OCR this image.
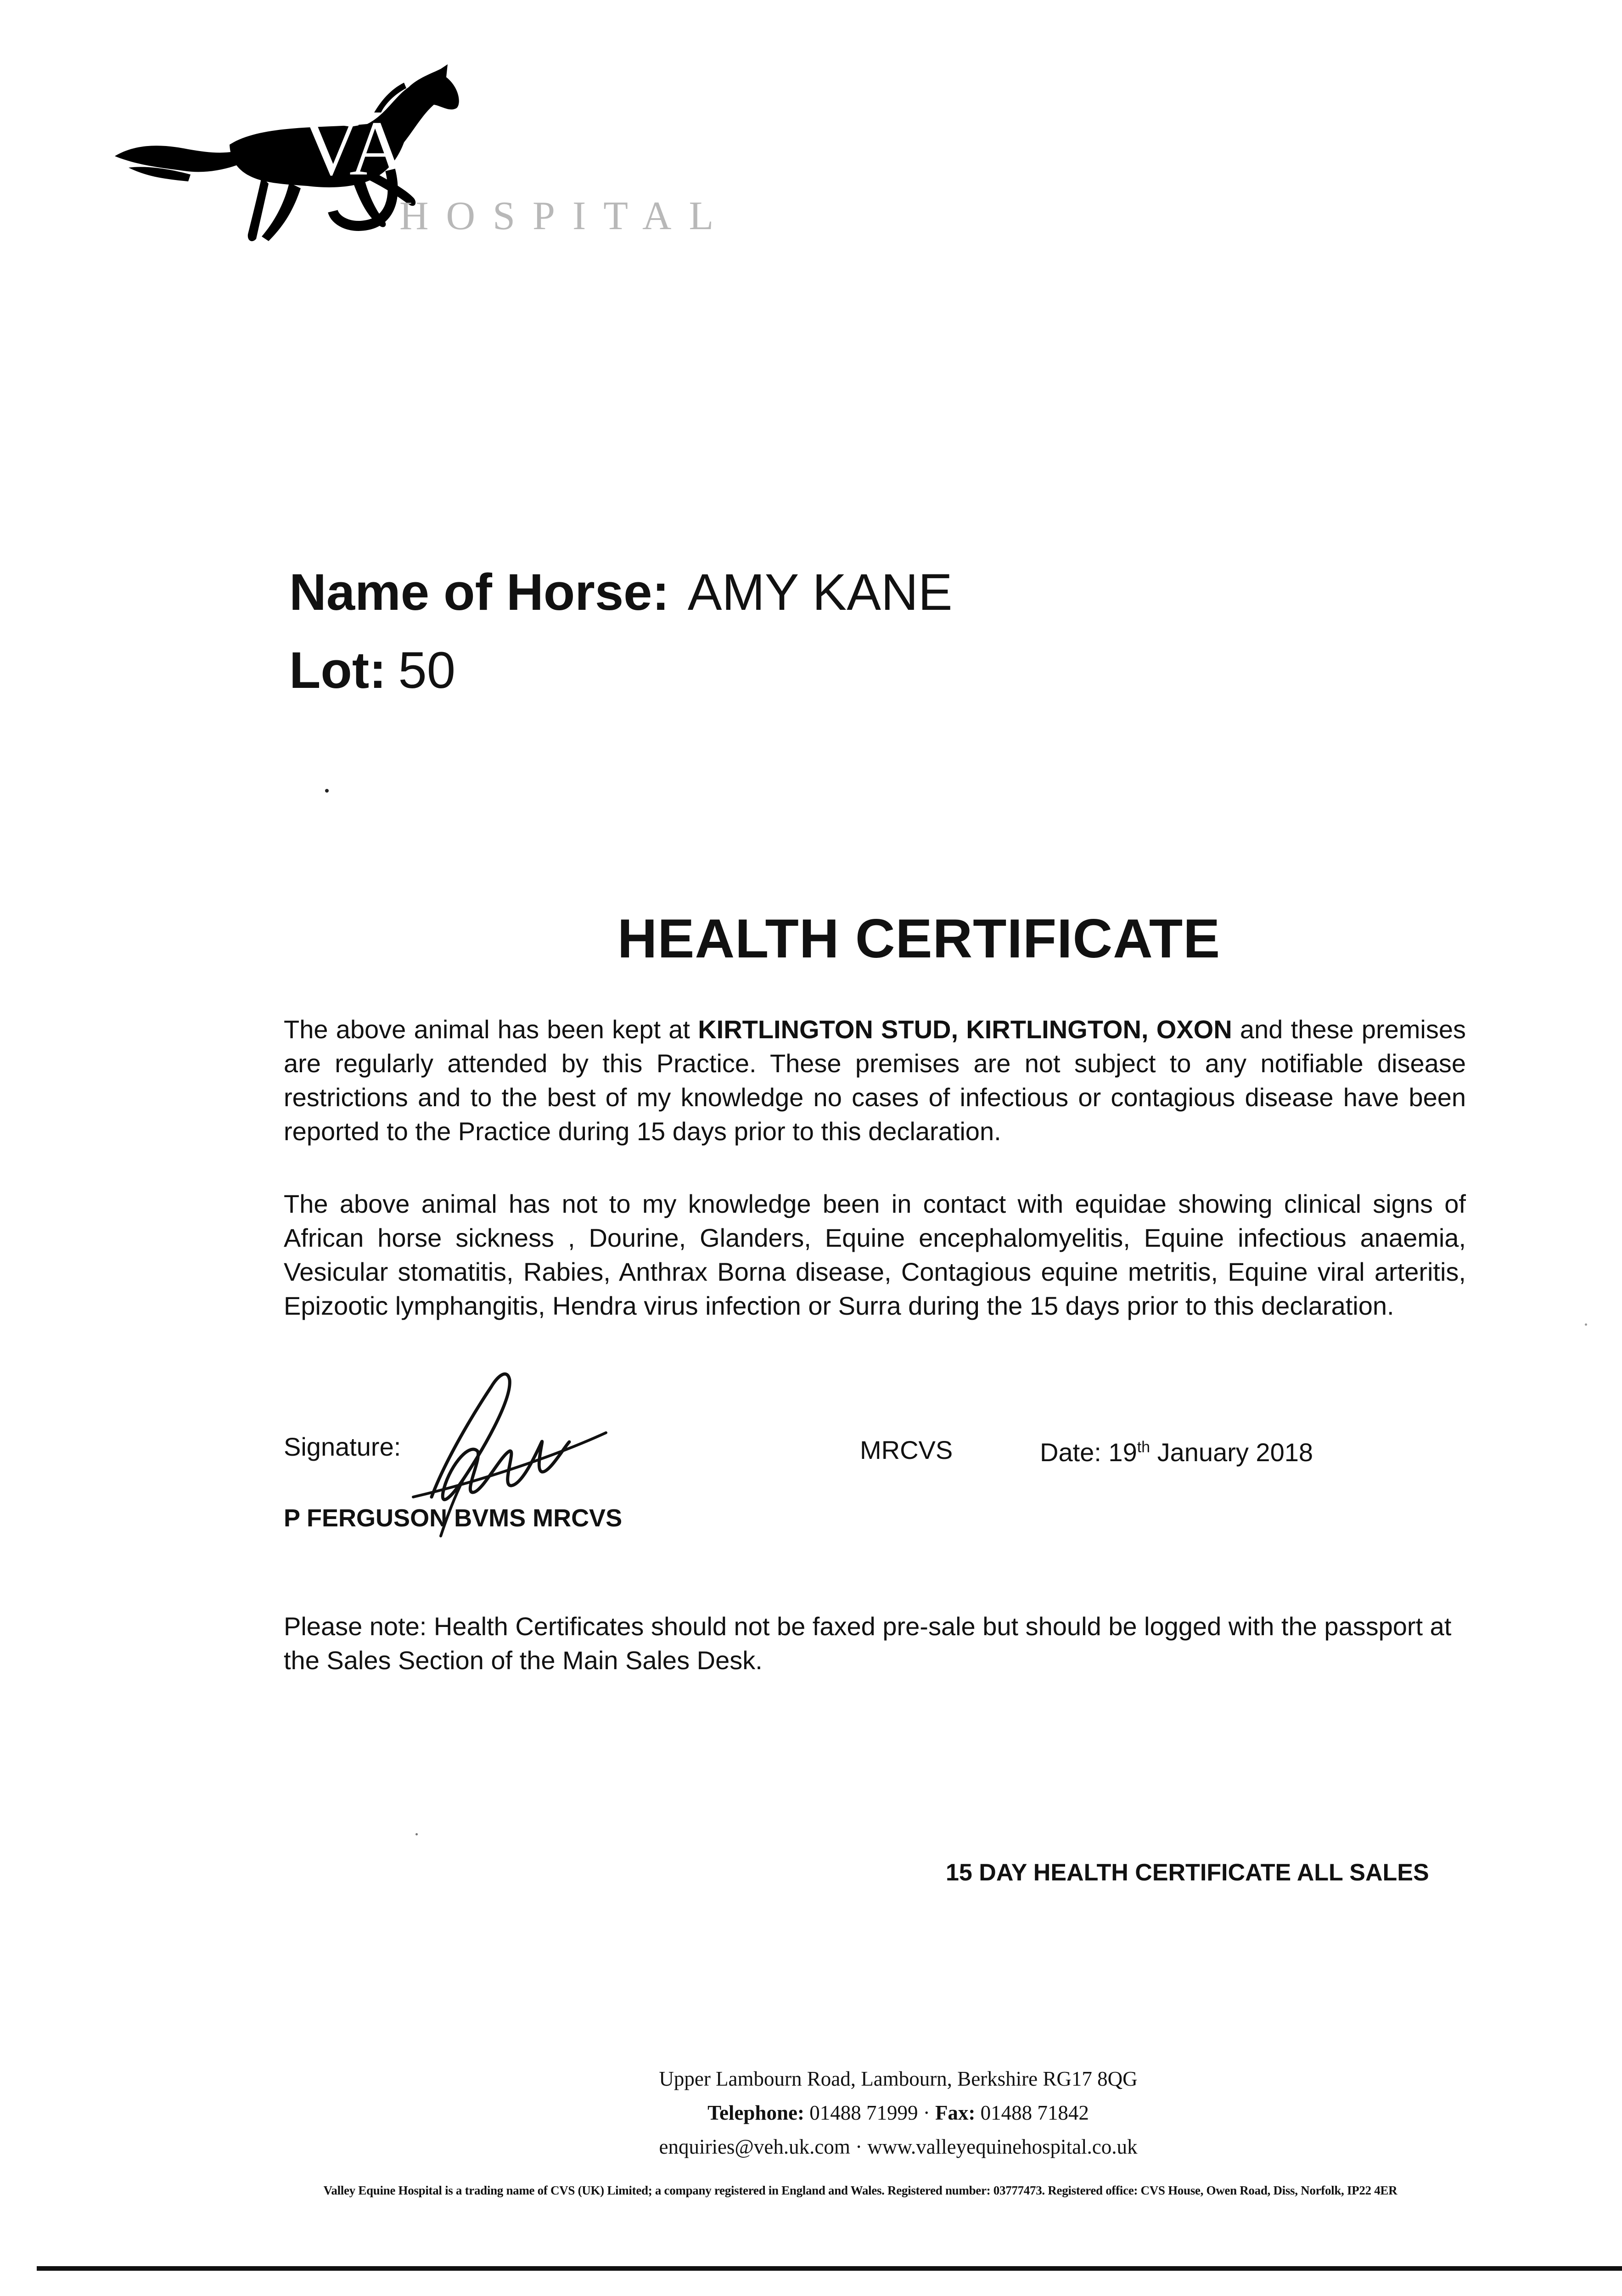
VA
HOSPITAL
Name of Horse: AMY KANE
Lot: 50
HEALTH CERTIFICATE
The above animal has been kept at KIRTLINGTON STUD, KIRTLINGTON, OXON and these premises are regularly attended by this Practice. These premises are not subject to any notifiable disease restrictions and to the best of my knowledge no cases of infectious or contagious disease have been reported to the Practice during 15 days prior to this declaration.
The above animal has not to my knowledge been in contact with equidae showing clinical signs of African horse sickness , Dourine, Glanders, Equine encephalomyelitis, Equine infectious anaemia, Vesicular stomatitis, Rabies, Anthrax Borna disease, Contagious equine metritis, Equine viral arteritis, Epizootic lymphangitis, Hendra virus infection or Surra during the 15 days prior to this declaration.
Signature:	MRCVS	Date: 19th January 2018
P FERGUSON BVMS MRCVS
Please note: Health Certificates should not be faxed pre-sale but should be logged with the passport at the Sales Section of the Main Sales Desk.
15 DAY HEALTH CERTIFICATE ALL SALES
Upper Lambourn Road, Lambourn, Berkshire RG17 8QG
Telephone: 01488 71999 · Fax: 01488 71842
enquiries@veh.uk.com · www.valleyequinehospital.co.uk
Valley Equine Hospital is a trading name of CVS (UK) Limited; a company registered in England and Wales. Registered number: 03777473. Registered office: CVS House, Owen Road, Diss, Norfolk, IP22 4ER
